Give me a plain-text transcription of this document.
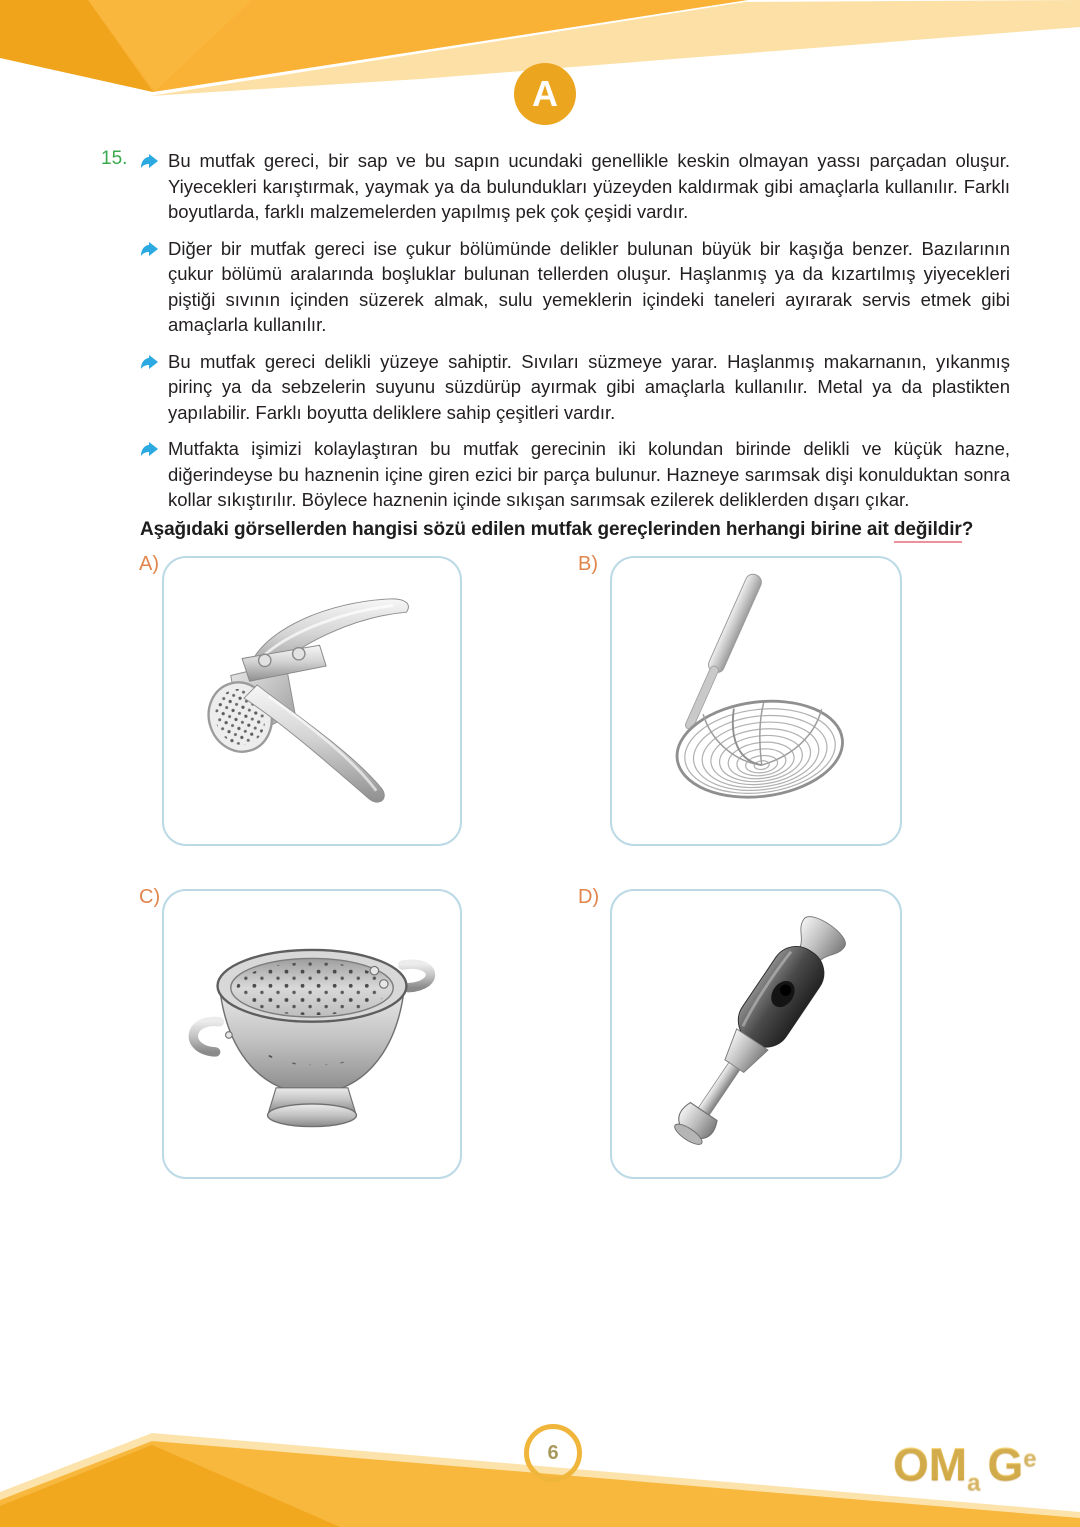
A
15. Bu mutfak gereci, bir sap ve bu sapın ucundaki genellikle keskin olmayan yassı parçadan oluşur. Yiyecekleri karıştırmak, yaymak ya da bulundukları yüzeyden kaldırmak gibi amaçlarla kullanılır. Farklı boyutlarda, farklı malzemelerden yapılmış pek çok çeşidi vardır.
Diğer bir mutfak gereci ise çukur bölümünde delikler bulunan büyük bir kaşığa benzer. Bazılarının çukur bölümü aralarında boşluklar bulunan tellerden oluşur. Haşlanmış ya da kızartılmış yiyecekleri piştiği sıvının içinden süzerek almak, sulu yemeklerin içindeki taneleri ayırarak servis etmek gibi amaçlarla kullanılır.
Bu mutfak gereci delikli yüzeye sahiptir. Sıvıları süzmeye yarar. Haşlanmış makarnanın, yıkanmış pirinç ya da sebzelerin suyunu süzdürüp ayırmak gibi amaçlarla kullanılır. Metal ya da plastikten yapılabilir. Farklı boyutta deliklere sahip çeşitleri vardır.
Mutfakta işimizi kolaylaştıran bu mutfak gerecinin iki kolundan birinde delikli ve küçük hazne, diğerindeyse bu haznenin içine giren ezici bir parça bulunur. Hazneye sarımsak dişi konulduktan sonra kollar sıkıştırılır. Böylece haznenin içinde sıkışan sarımsak ezilerek deliklerden dışarı çıkar.
Aşağıdaki görsellerden hangisi sözü edilen mutfak gereçlerinden herhangi birine ait değildir?
A)	B)
C)	D)
6	OMa Ge
